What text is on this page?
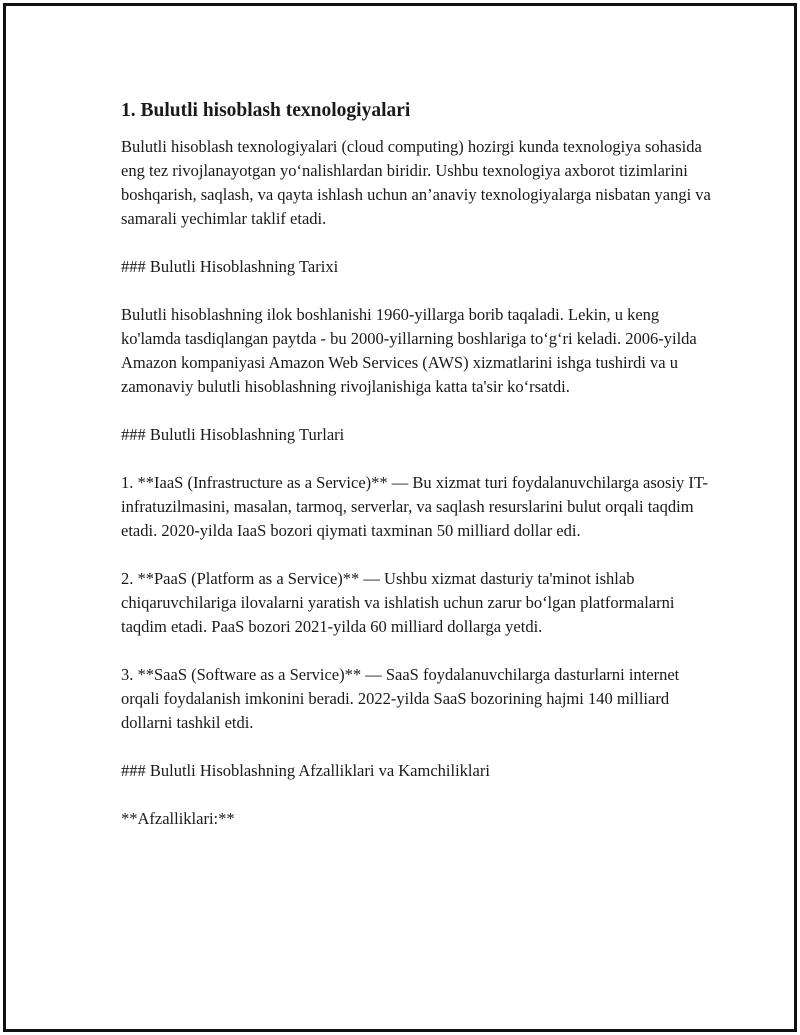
1. Bulutli hisoblash texnologiyalari

Bulutli hisoblash texnologiyalari (cloud computing) hozirgi kunda texnologiya sohasida eng tez rivojlanayotgan yo‘nalishlardan biridir. Ushbu texnologiya axborot tizimlarini boshqarish, saqlash, va qayta ishlash uchun an’anaviy texnologiyalarga nisbatan yangi va samarali yechimlar taklif etadi.

### Bulutli Hisoblashning Tarixi

Bulutli hisoblashning ilok boshlanishi 1960-yillarga borib taqaladi. Lekin, u keng ko'lamda tasdiqlangan paytda - bu 2000-yillarning boshlariga to‘g‘ri keladi. 2006-yilda Amazon kompaniyasi Amazon Web Services (AWS) xizmatlarini ishga tushirdi va u zamonaviy bulutli hisoblashning rivojlanishiga katta ta'sir ko‘rsatdi.

### Bulutli Hisoblashning Turlari

1. **IaaS (Infrastructure as a Service)** — Bu xizmat turi foydalanuvchilarga asosiy IT-infratuzilmasini, masalan, tarmoq, serverlar, va saqlash resurslarini bulut orqali taqdim etadi. 2020-yilda IaaS bozori qiymati taxminan 50 milliard dollar edi.

2. **PaaS (Platform as a Service)** — Ushbu xizmat dasturiy ta'minot ishlab chiqaruvchilariga ilovalarni yaratish va ishlatish uchun zarur bo‘lgan platformalarni taqdim etadi. PaaS bozori 2021-yilda 60 milliard dollarga yetdi.

3. **SaaS (Software as a Service)** — SaaS foydalanuvchilarga dasturlarni internet orqali foydalanish imkonini beradi. 2022-yilda SaaS bozorining hajmi 140 milliard dollarni tashkil etdi.

### Bulutli Hisoblashning Afzalliklari va Kamchiliklari

**Afzalliklari:**
